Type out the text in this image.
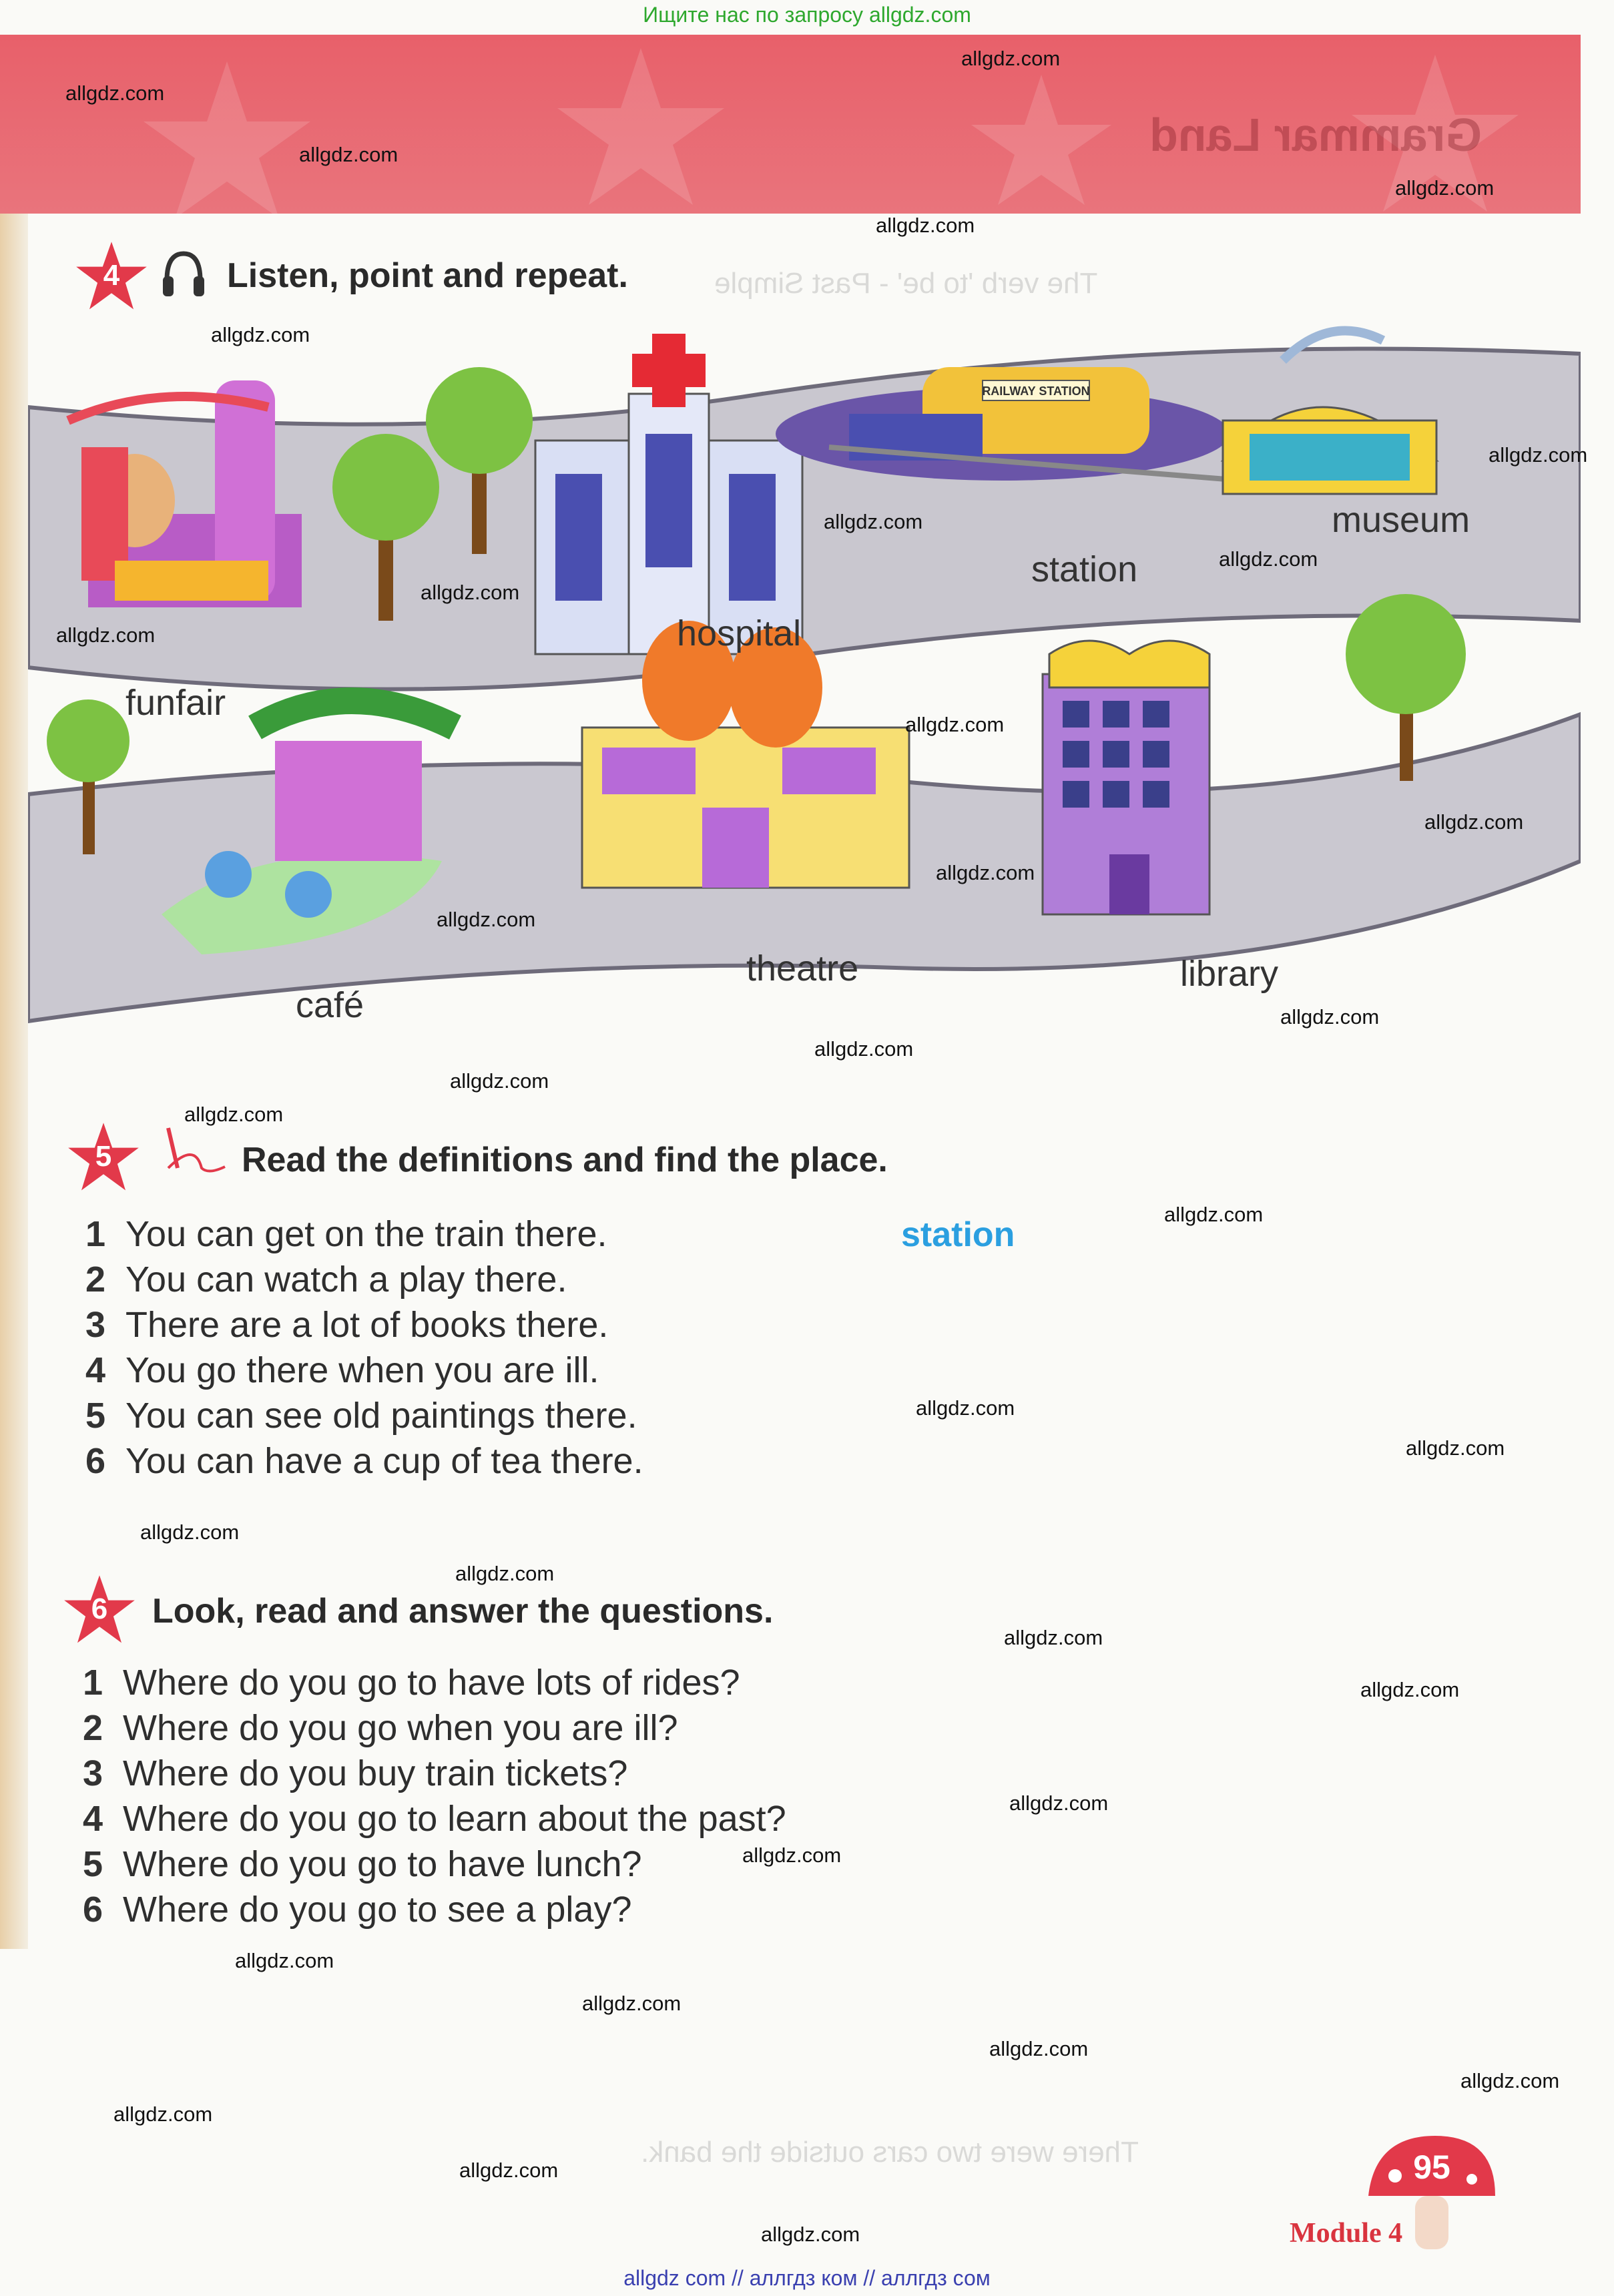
Ищите нас по запросу allgdz.com
Grammar Land
The verb 'to be' - Past Simple
There were two cars outside the bank.
4	Listen, point and repeat.
RAILWAY STATION
funfair
hospital
station
museum
café
theatre	library
5	Read the definitions and find the place.
1 You can get on the train there.	station
2 You can watch a play there.
3 There are a lot of books there.
4 You go there when you are ill.
5 You can see old paintings there.
6 You can have a cup of tea there.
6	Look, read and answer the questions.
1 Where do you go to have lots of rides?
2 Where do you go when you are ill?
3 Where do you buy train tickets?
4 Where do you go to learn about the past?
5 Where do you go to have lunch?
6 Where do you go to see a play?
95
Module 4
allgdz com // аллгдз ком // аллгдз сом
allgdz.com
allgdz.com
allgdz.com
allgdz.com
allgdz.com
allgdz.com
allgdz.com
allgdz.com
allgdz.com
allgdz.com
allgdz.com
allgdz.com
allgdz.com
allgdz.com
allgdz.com
allgdz.com
allgdz.com
allgdz.com
allgdz.com
allgdz.com
allgdz.com
allgdz.com
allgdz.com
allgdz.com
allgdz.com
allgdz.com
allgdz.com
allgdz.com
allgdz.com
allgdz.com
allgdz.com
allgdz.com
allgdz.com
allgdz.com
allgdz.com
